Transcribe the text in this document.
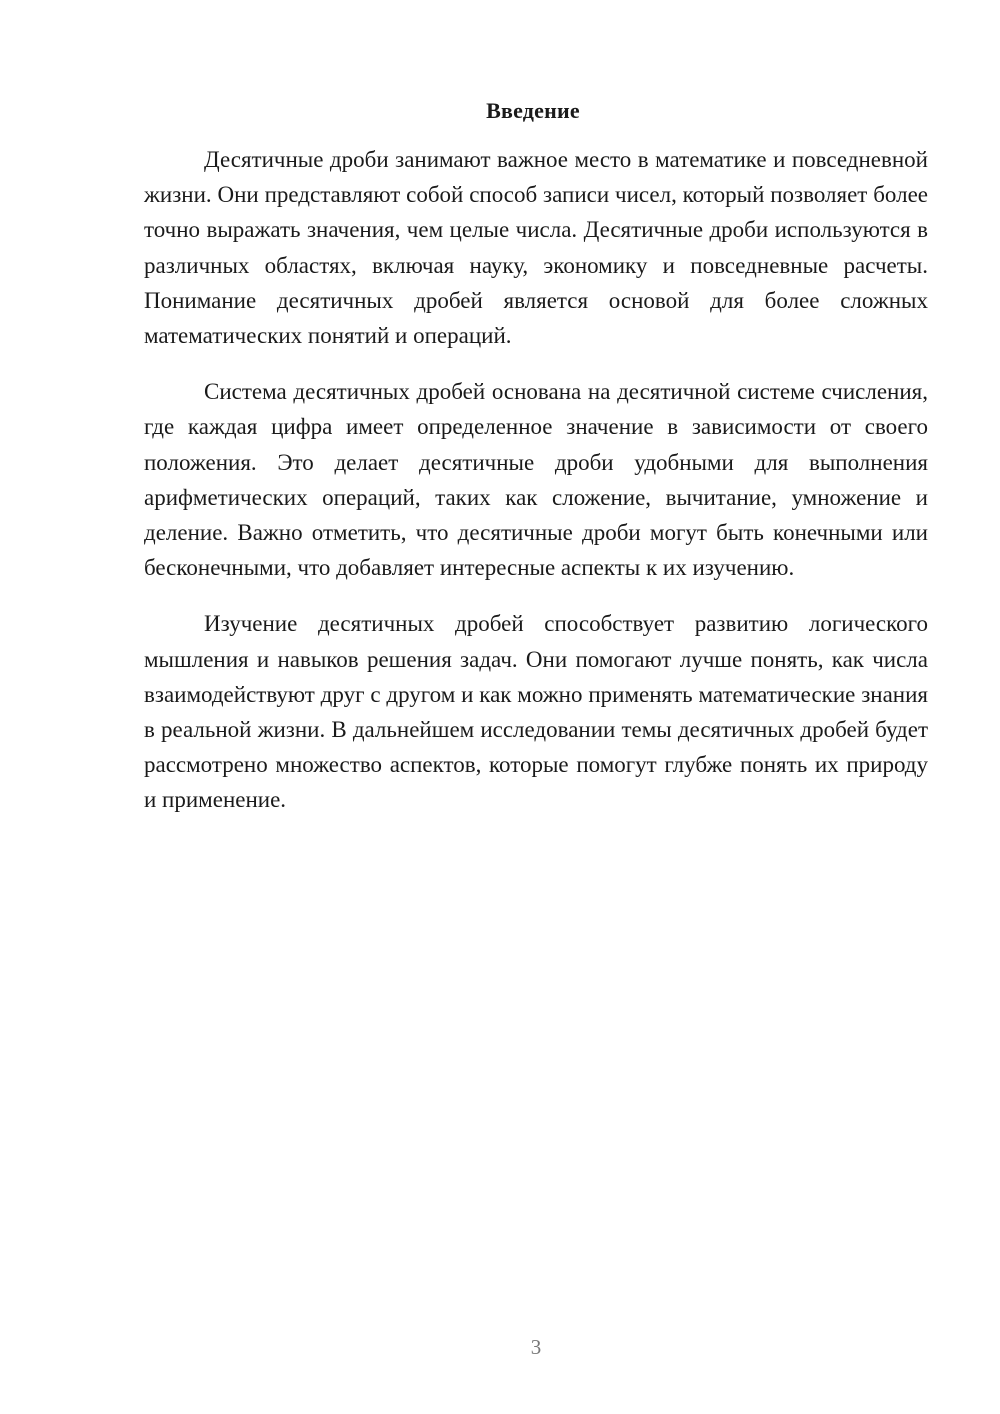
Введение

Десятичные дроби занимают важное место в математике и повседневной жизни. Они представляют собой способ записи чисел, который позволяет более точно выражать значения, чем целые числа. Десятичные дроби используются в различных областях, включая науку, экономику и повседневные расчеты. Понимание десятичных дробей является основой для более сложных математических понятий и операций.

Система десятичных дробей основана на десятичной системе счисления, где каждая цифра имеет определенное значение в зависимости от своего положения. Это делает десятичные дроби удобными для выполнения арифметических операций, таких как сложение, вычитание, умножение и деление. Важно отметить, что десятичные дроби могут быть конечными или бесконечными, что добавляет интересные аспекты к их изучению.

Изучение десятичных дробей способствует развитию логического мышления и навыков решения задач. Они помогают лучше понять, как числа взаимодействуют друг с другом и как можно применять математические знания в реальной жизни. В дальнейшем исследовании темы десятичных дробей будет рассмотрено множество аспектов, которые помогут глубже понять их природу и применение.

3
